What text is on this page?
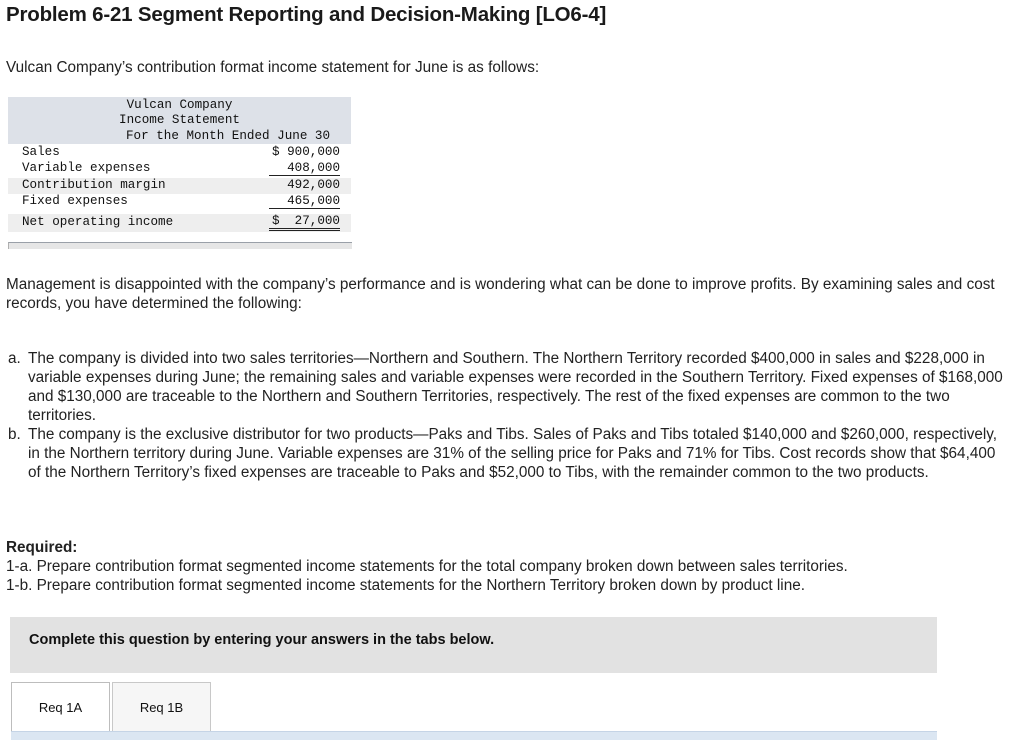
Problem 6-21 Segment Reporting and Decision-Making [LO6-4]
Vulcan Company’s contribution format income statement for June is as follows:
Vulcan Company
Income Statement
For the Month Ended June 30
Sales	$ 900,000
Variable expenses	408,000
Contribution margin	492,000
Fixed expenses	465,000
Net operating income	$  27,000
Management is disappointed with the company’s performance and is wondering what can be done to improve profits. By examining sales and cost records, you have determined the following:

a. The company is divided into two sales territories—Northern and Southern. The Northern Territory recorded $400,000 in sales and $228,000 in variable expenses during June; the remaining sales and variable expenses were recorded in the Southern Territory. Fixed expenses of $168,000 and $130,000 are traceable to the Northern and Southern Territories, respectively. The rest of the fixed expenses are common to the two territories.

b. The company is the exclusive distributor for two products—Paks and Tibs. Sales of Paks and Tibs totaled $140,000 and $260,000, respectively, in the Northern territory during June. Variable expenses are 31% of the selling price for Paks and 71% for Tibs. Cost records show that $64,400 of the Northern Territory’s fixed expenses are traceable to Paks and $52,000 to Tibs, with the remainder common to the two products.

Required:
1-a. Prepare contribution format segmented income statements for the total company broken down between sales territories.
1-b. Prepare contribution format segmented income statements for the Northern Territory broken down by product line.
Complete this question by entering your answers in the tabs below.
Req 1A	Req 1B
